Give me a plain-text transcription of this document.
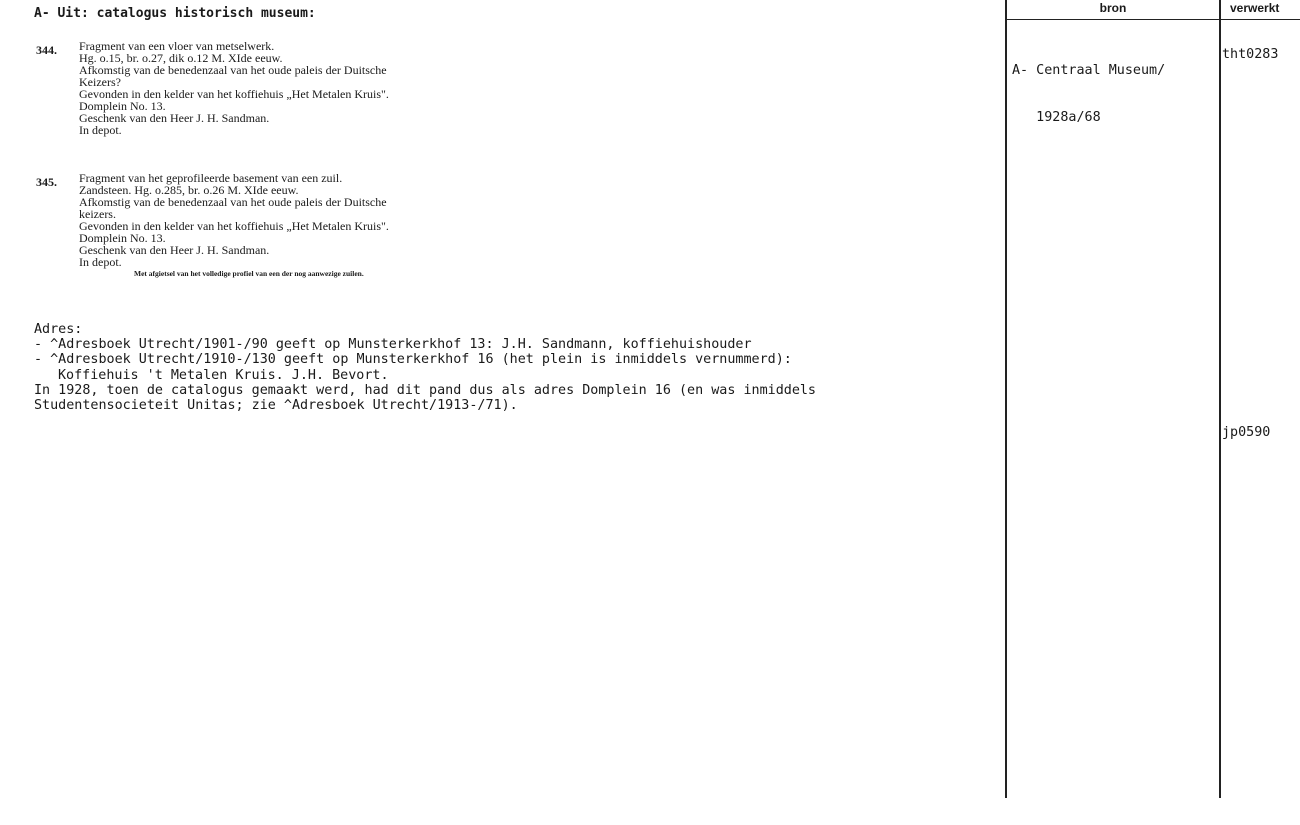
A- Uit: catalogus historisch museum:
344. Fragment van een vloer van metselwerk.
Hg. o.15, br. o.27, dik o.12 M. XIde eeuw.
Afkomstig van de benedenzaal van het oude paleis der Duitsche
Keizers?
Gevonden in den kelder van het koffiehuis „Het Metalen Kruis".
Domplein No. 13.
Geschenk van den Heer J. H. Sandman.
In depot.
345. Fragment van het geprofileerde basement van een zuil.
Zandsteen. Hg. o.285, br. o.26 M. XIde eeuw.
Afkomstig van de benedenzaal van het oude paleis der Duitsche
keizers.
Gevonden in den kelder van het koffiehuis „Het Metalen Kruis".
Domplein No. 13.
Geschenk van den Heer J. H. Sandman.
In depot.
Met afgietsel van het volledige profiel van een der nog aanwezige zuilen.
Adres:
- ^Adresboek Utrecht/1901-/90 geeft op Munsterkerkhof 13: J.H. Sandmann, koffiehuishouder
- ^Adresboek Utrecht/1910-/130 geeft op Munsterkerkhof 16 (het plein is inmiddels vernummerd):
Koffiehuis 't Metalen Kruis. J.H. Bevort.
In 1928, toen de catalogus gemaakt werd, had dit pand dus als adres Domplein 16 (en was inmiddels
Studentensocieteit Unitas; zie ^Adresboek Utrecht/1913-/71).
bron	verwerkt

A- Centraal Museum/

1928a/68

tht0283
jp0590
